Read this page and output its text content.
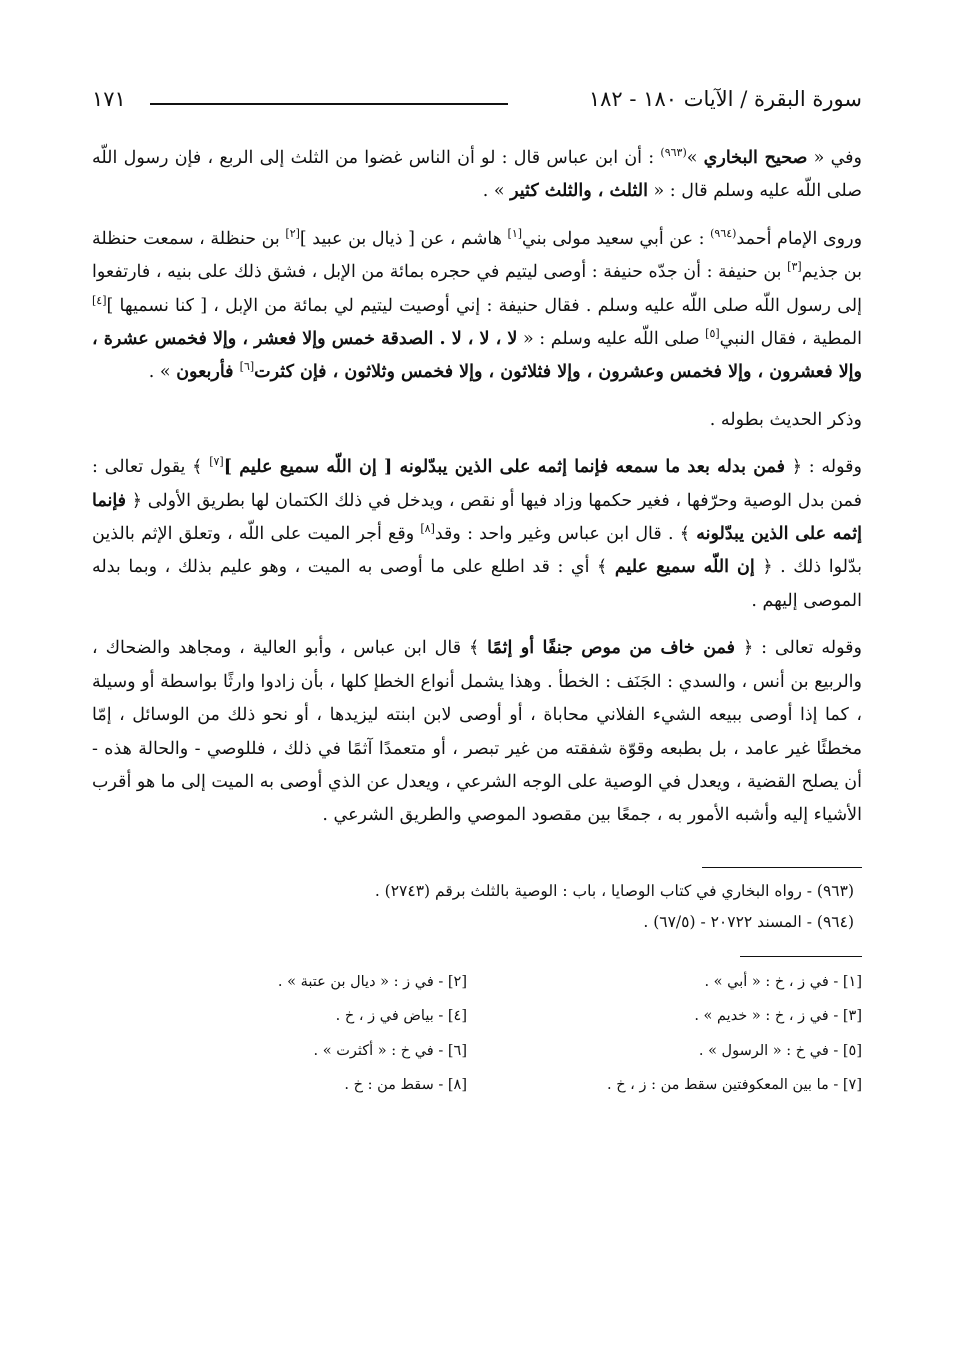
سورة البقرة / الآيات ١٨٠ - ١٨٢
١٧١

وفي « صحيح البخاري »$^{(٩٦٣)}$ : أن ابن عباس قال : لو أن الناس غضوا من الثلث إلى الربع ، فإن رسول اللّه صلى اللّه عليه وسلم قال : « الثلث ، والثلث كثير » .

وروى الإمام أحمد$^{(٩٦٤)}$ : عن أبي سعيد مولى بني[١] هاشم ، عن [ ذيال بن عبيد ][٢] بن حنظلة ، سمعت حنظلة بن جذيم[٣] بن حنيفة : أن جدّه حنيفة : أوصى ليتيم في حجره بمائة من الإبل ، فشق ذلك على بنيه ، فارتفعوا إلى رسول اللّه صلى اللّه عليه وسلم . فقال حنيفة : إني أوصيت ليتيم لي بمائة من الإبل ، [ كنا نسميها ][٤] المطية ، فقال النبي[٥] صلى اللّه عليه وسلم : « لا ، لا ، لا . الصدقة خمس وإلا فعشر ، وإلا فخمس عشرة ، وإلا فعشرون ، وإلا فخمس وعشرون ، وإلا فثلاثون ، وإلا فخمس وثلاثون ، فإن كثرت[٦] فأربعون » .

وذكر الحديث بطوله .

وقوله : ﴿ فمن بدله بعد ما سمعه فإنما إثمه على الذين يبدّلونه [ إن اللّه سميع عليم ][٧] ﴾ يقول تعالى : فمن بدل الوصية وحرّفها ، فغير حكمها وزاد فيها أو نقص ، ويدخل في ذلك الكتمان لها بطريق الأولى ﴿ فإنما إثمه على الذين يبدّلونه ﴾ . قال ابن عباس وغير واحد : وقد[٨] وقع أجر الميت على اللّه ، وتعلق الإثم بالذين بدّلوا ذلك . ﴿ إن اللّه سميع عليم ﴾ أي : قد اطلع على ما أوصى به الميت ، وهو عليم بذلك ، وبما بدله الموصى إليهم .

وقوله تعالى : ﴿ فمن خاف من موص جنفًا أو إثمًا ﴾ قال ابن عباس ، وأبو العالية ، ومجاهد والضحاك ، والربيع بن أنس ، والسدي : الجَنَف : الخطأ . وهذا يشمل أنواع الخطإ كلها ، بأن زادوا وارثًا بواسطة أو وسيلة ، كما إذا أوصى ببيعه الشيء الفلاني محاباة ، أو أوصى لابن ابنته ليزيدها ، أو نحو ذلك من الوسائل ، إمّا مخطئًا غير عامد ، بل بطبعه وقوّة شفقته من غير تبصر ، أو متعمدًا آثمًا في ذلك ، فللوصي - والحالة هذه - أن يصلح القضية ، ويعدل في الوصية على الوجه الشرعي ، ويعدل عن الذي أوصى به الميت إلى ما هو أقرب الأشياء إليه وأشبه الأمور به ، جمعًا بين مقصود الموصي والطريق الشرعي .

(٩٦٣) - رواه البخاري في كتاب الوصايا ، باب : الوصية بالثلث برقم (٢٧٤٣) .
(٩٦٤) - المسند ٢٠٧٢٢ - (٦٧/٥) .
[١] - في ز ، خ : « أبي » .
[٢] - في ز : « ديال بن عتبة » .
[٣] - في ز ، خ : « خديم » .
[٤] - بياض في ز ، خ .
[٥] - في خ : « الرسول » .
[٦] - في خ : « أكثرت » .
[٧] - ما بين المعكوفتين سقط من : ز ، خ .
[٨] - سقط من : خ .
